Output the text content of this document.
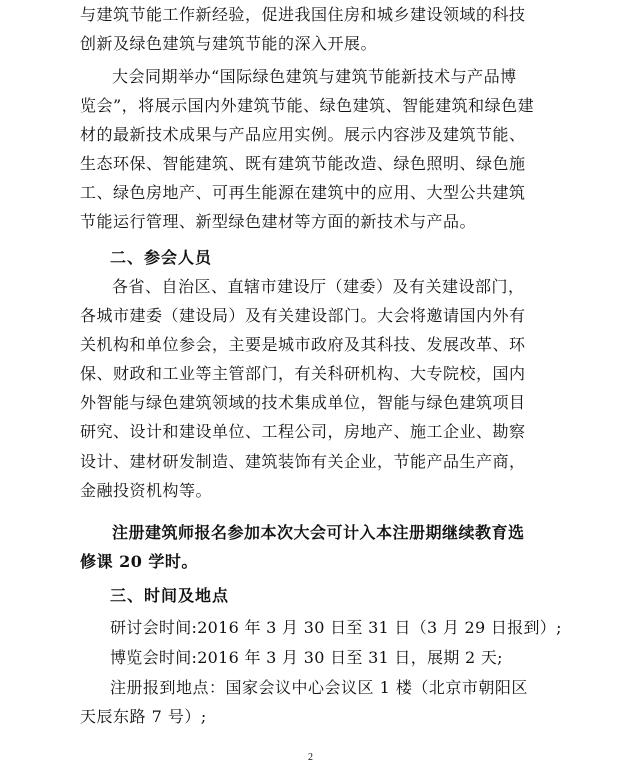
与建筑节能工作新经验，促进我国住房和城乡建设领域的科技
创新及绿色建筑与建筑节能的深入开展。
大会同期举办“国际绿色建筑与建筑节能新技术与产品博
览会”，将展示国内外建筑节能、绿色建筑、智能建筑和绿色建
材的最新技术成果与产品应用实例。展示内容涉及建筑节能、
生态环保、智能建筑、既有建筑节能改造、绿色照明、绿色施
工、绿色房地产、可再生能源在建筑中的应用、大型公共建筑
节能运行管理、新型绿色建材等方面的新技术与产品。
二、参会人员
各省、自治区、直辖市建设厅（建委）及有关建设部门，
各城市建委（建设局）及有关建设部门。大会将邀请国内外有
关机构和单位参会，主要是城市政府及其科技、发展改革、环
保、财政和工业等主管部门，有关科研机构、大专院校，国内
外智能与绿色建筑领域的技术集成单位，智能与绿色建筑项目
研究、设计和建设单位、工程公司，房地产、施工企业、勘察
设计、建材研发制造、建筑装饰有关企业，节能产品生产商，
金融投资机构等。
注册建筑师报名参加本次大会可计入本注册期继续教育选
修课 20 学时。
三、时间及地点
研讨会时间:2016 年 3 月 30 日至 31 日（3 月 29 日报到）;
博览会时间:2016 年 3 月 30 日至 31 日，展期 2 天;
注册报到地点：国家会议中心会议区 1 楼（北京市朝阳区
天辰东路 7 号）;
2
